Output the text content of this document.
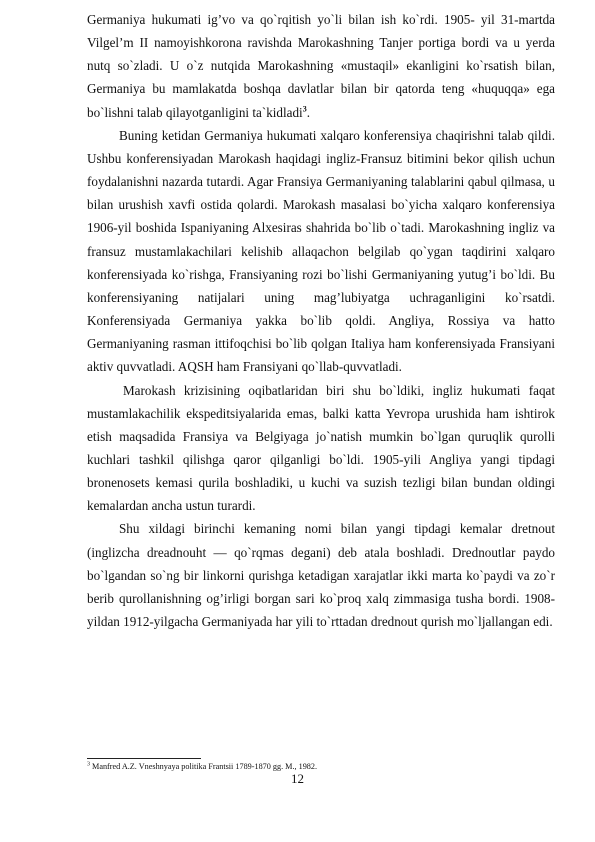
Germaniya hukumati ig’vo va qo`rqitish yo`li bilan ish ko`rdi. 1905- yil 31-martda Vilgel’m II namoyishkorona ravishda Marokashning Tanjer portiga bordi va u yerda nutq so`zladi. U o`z nutqida Marokashning «mustaqil» ekanligini ko`rsatish bilan, Germaniya bu mamlakatda boshqa davlatlar bilan bir qatorda teng «huquqqa» ega bo`lishni talab qilayotganligini ta`kidladi$^3$.

Buning ketidan Germaniya hukumati xalqaro konferensiya chaqirishni talab qildi. Ushbu konferensiyadan Marokash haqidagi ingliz-Fransuz bitimini bekor qilish uchun foydalanishni nazarda tutardi. Agar Fransiya Germaniyaning talablarini qabul qilmasa, u bilan urushish xavfi ostida qolardi. Marokash masalasi bo`yicha xalqaro konferensiya 1906-yil boshida Ispaniyaning Alxesiras shahrida bo`lib o`tadi. Marokashning ingliz va fransuz mustamlakachilari kelishib allaqachon belgilab qo`ygan taqdirini xalqaro konferensiyada ko`rishga, Fransiyaning rozi bo`lishi Germaniyaning yutug’i bo`ldi. Bu konferensiyaning natijalari uning mag’lubiyatga uchraganligini ko`rsatdi. Konferensiyada Germaniya yakka bo`lib qoldi. Angliya, Rossiya va hatto Germaniyaning rasman ittifoqchisi bo`lib qolgan Italiya ham konferensiyada Fransiyani aktiv quvvatladi. AQSH ham Fransiyani qo`llab-quvvatladi.

Marokash krizisining oqibatlaridan biri shu bo`ldiki, ingliz hukumati faqat mustamlakachilik ekspeditsiyalarida emas, balki katta Yevropa urushida ham ishtirok etish maqsadida Fransiya va Belgiyaga jo`natish mumkin bo`lgan quruqlik qurolli kuchlari tashkil qilishga qaror qilganligi bo`ldi. 1905-yili Angliya yangi tipdagi bronenosets kemasi qurila boshladiki, u kuchi va suzish tezligi bilan bundan oldingi kemalardan ancha ustun turardi.

Shu xildagi birinchi kemaning nomi bilan yangi tipdagi kemalar dretnout (inglizcha dreadnouht — qo`rqmas degani) deb atala boshladi. Drednoutlar paydo bo`lgandan so`ng bir linkorni qurishga ketadigan xarajatlar ikki marta ko`paydi va zo`r berib qurollanishning og’irligi borgan sari ko`proq xalq zimmasiga tusha bordi. 1908-yildan 1912-yilgacha Germaniyada har yili to`rttadan drednout qurish mo`ljallangan edi.

$^3$ Manfred A.Z. Vneshnyaya politika Frantsii 1789-1870 gg. M., 1982.
12
